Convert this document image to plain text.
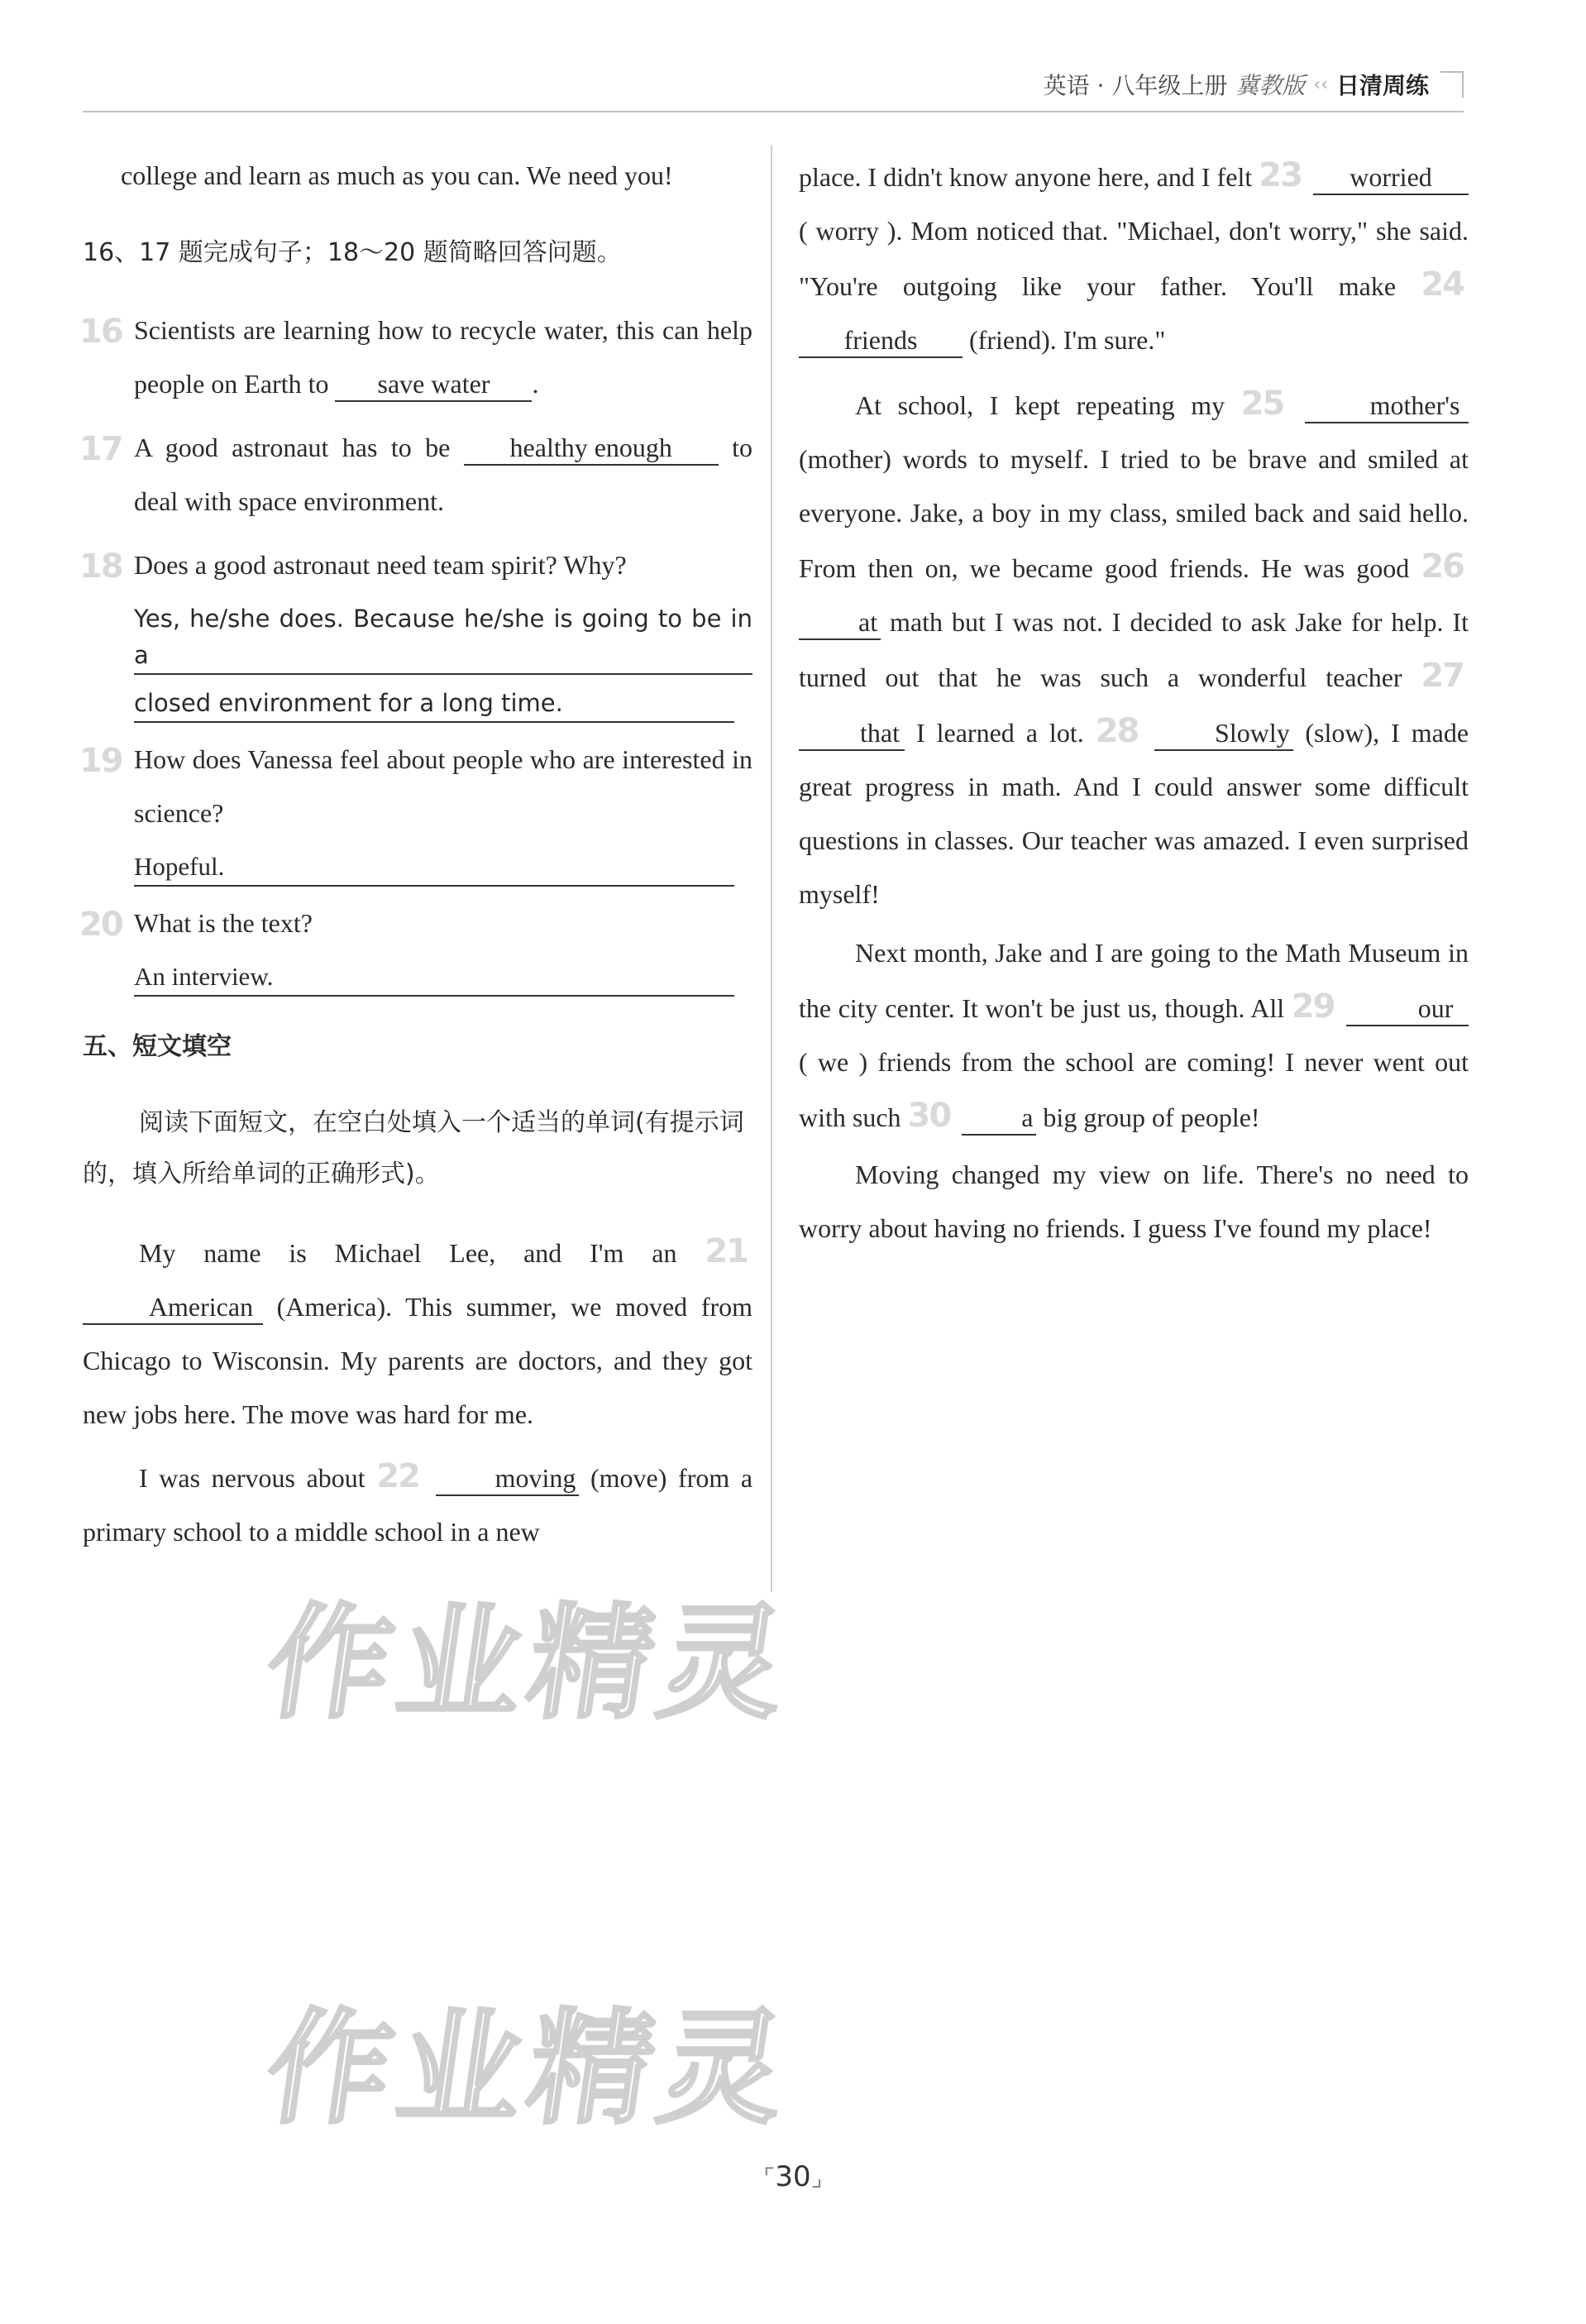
英语 · 八年级上册 冀教版 ‹‹ 日清周练

college and learn as much as you can. We need you!

16、17 题完成句子；18～20 题简略回答问题。

16 Scientists are learning how to recycle water, this can help people on Earth to save water .
17 A good astronaut has to be healthy enough to deal with space environment.
18 Does a good astronaut need team spirit? Why?
Yes, he/she does. Because he/she is going to be in a
closed environment for a long time.
19 How does Vanessa feel about people who are interested in science?
Hopeful.
20 What is the text?
An interview.

五、短文填空

阅读下面短文，在空白处填入一个适当的单词(有提示词的，填入所给单词的正确形式)。

My name is Michael Lee, and I'm an 21 American (America). This summer, we moved from Chicago to Wisconsin. My parents are doctors, and they got new jobs here. The move was hard for me.
I was nervous about 22	moving (move) from a primary school to a middle school in a new
place. I didn't know anyone here, and I felt 23 worried ( worry ). Mom noticed that. "Michael, don't worry," she said. "You're outgoing like your father. You'll make 24 friends (friend). I'm sure."
At school, I kept repeating my 25	mother's (mother) words to myself. I tried to be brave and smiled at everyone. Jake, a boy in my class, smiled back and said hello. From then on, we became good friends. He was good 26 at math but I was not. I decided to ask Jake for help. It turned out that he was such a wonderful teacher 27 that I learned a lot. 28	Slowly (slow), I made great progress in math. And I could answer some difficult questions in classes. Our teacher was amazed. I even surprised myself!
Next month, Jake and I are going to the Math Museum in the city center. It won't be just us, though. All 29	our ( we ) friends from the school are coming! I never went out with such 30	a big group of people!

Moving changed my view on life. There's no need to worry about having no friends. I guess I've found my place!

作业精灵
作业精灵
⌜30⌟
